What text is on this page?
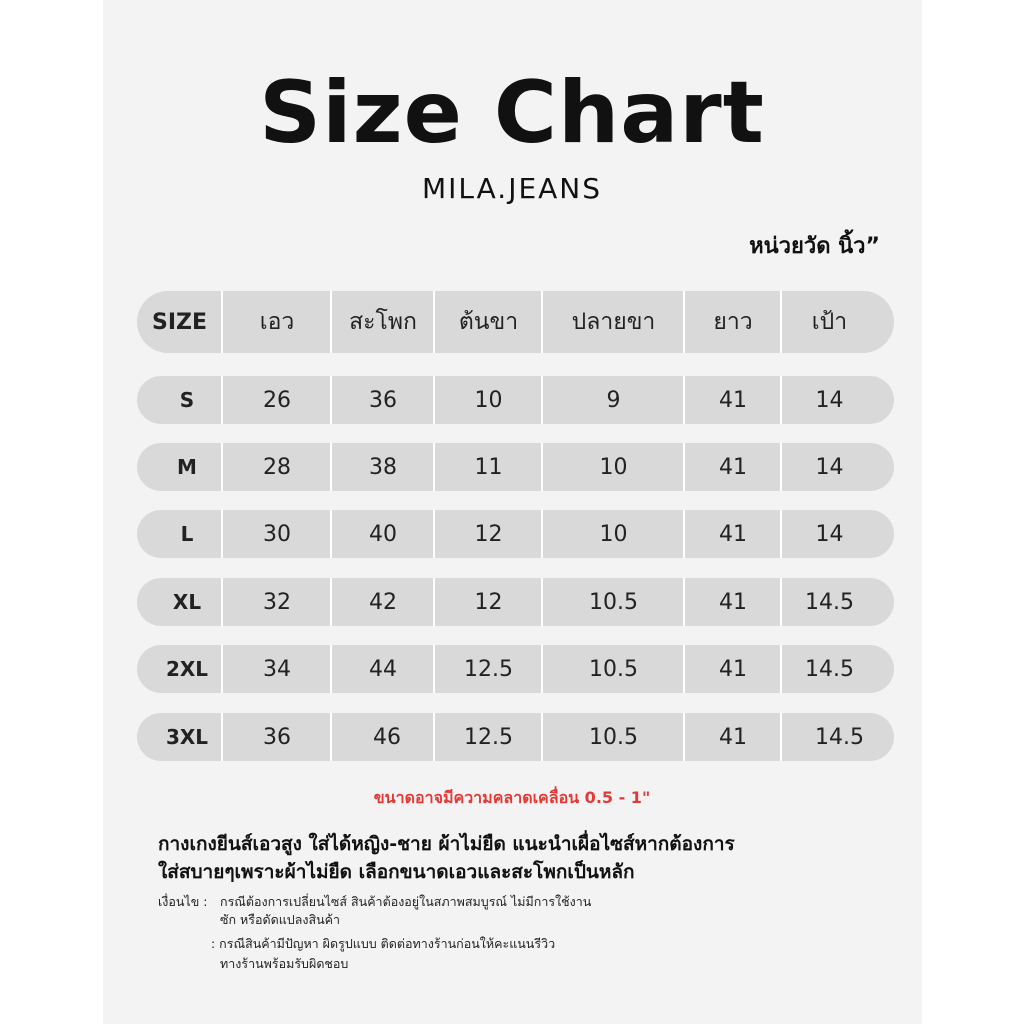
Size Chart
MILA.JEANS
หน่วยวัด นิ้ว”
SIZE	เอว	สะโพก	ต้นขา	ปลายขา	ยาว	เป้า
S	26	36	10	9	41	14
M	28	38	11	10	41	14
L	30	40	12	10	41	14
XL	32	42	12	10.5	41	14.5
2XL	34	44	12.5	10.5	41	14.5
3XL	36	46	12.5	10.5	41	14.5
ขนาดอาจมีความคลาดเคลื่อน 0.5 - 1"
กางเกงยีนส์เอวสูง ใส่ได้หญิง-ชาย ผ้าไม่ยืด แนะนำเผื่อไซส์หากต้องการ
ใส่สบายๆเพราะผ้าไม่ยืด เลือกขนาดเอวและสะโพกเป็นหลัก
เงื่อนไข : กรณีต้องการเปลี่ยนไซส์ สินค้าต้องอยู่ในสภาพสมบูรณ์ ไม่มีการใช้งาน
ซัก หรือดัดแปลงสินค้า
: กรณีสินค้ามีปัญหา ผิดรูปแบบ ติดต่อทางร้านก่อนให้คะแนนรีวิว
ทางร้านพร้อมรับผิดชอบ
